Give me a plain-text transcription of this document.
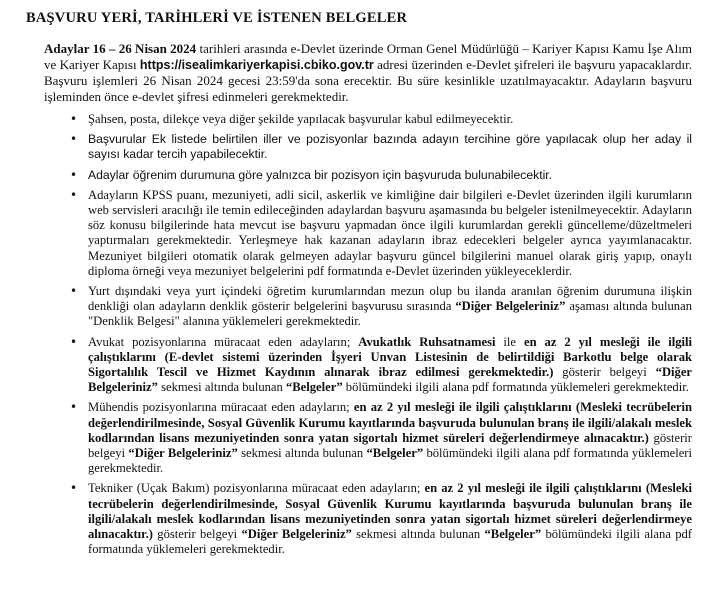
BAŞVURU YERİ, TARİHLERİ VE İSTENEN BELGELER

Adaylar 16 – 26 Nisan 2024 tarihleri arasında e-Devlet üzerinde Orman Genel Müdürlüğü – Kariyer Kapısı Kamu İşe Alım ve Kariyer Kapısı https://isealimkariyerkapisi.cbiko.gov.tr adresi üzerinden e-Devlet şifreleri ile başvuru yapacaklardır. Başvuru işlemleri 26 Nisan 2024 gecesi 23:59'da sona erecektir. Bu süre kesinlikle uzatılmayacaktır. Adayların başvuru işleminden önce e-devlet şifresi edinmeleri gerekmektedir.

• Şahsen, posta, dilekçe veya diğer şekilde yapılacak başvurular kabul edilmeyecektir.
• Başvurular Ek listede belirtilen iller ve pozisyonlar bazında adayın tercihine göre yapılacak olup her aday il sayısı kadar tercih yapabilecektir.
• Adaylar öğrenim durumuna göre yalnızca bir pozisyon için başvuruda bulunabilecektir.
• Adayların KPSS puanı, mezuniyeti, adli sicil, askerlik ve kimliğine dair bilgileri e-Devlet üzerinden ilgili kurumların web servisleri aracılığı ile temin edileceğinden adaylardan başvuru aşamasında bu belgeler istenilmeyecektir. Adayların söz konusu bilgilerinde hata mevcut ise başvuru yapmadan önce ilgili kurumlardan gerekli güncelleme/düzeltmeleri yaptırmaları gerekmektedir. Yerleşmeye hak kazanan adayların ibraz edecekleri belgeler ayrıca yayımlanacaktır. Mezuniyet bilgileri otomatik olarak gelmeyen adaylar başvuru güncel bilgilerini manuel olarak giriş yapıp, onaylı diploma örneği veya mezuniyet belgelerini pdf formatında e-Devlet üzerinden yükleyeceklerdir.
• Yurt dışındaki veya yurt içindeki öğretim kurumlarından mezun olup bu ilanda aranılan öğrenim durumuna ilişkin denkliği olan adayların denklik gösterir belgelerini başvurusu sırasında “Diğer Belgeleriniz” aşaması altında bulunan "Denklik Belgesi" alanına yüklemeleri gerekmektedir.
• Avukat pozisyonlarına müracaat eden adayların; Avukatlık Ruhsatnamesi ile en az 2 yıl mesleği ile ilgili çalıştıklarını (E-devlet sistemi üzerinden İşyeri Unvan Listesinin de belirtildiği Barkotlu belge olarak Sigortalılık Tescil ve Hizmet Kaydının alınarak ibraz edilmesi gerekmektedir.) gösterir belgeyi “Diğer Belgeleriniz” sekmesi altında bulunan “Belgeler” bölümündeki ilgili alana pdf formatında yüklemeleri gerekmektedir.
• Mühendis pozisyonlarına müracaat eden adayların; en az 2 yıl mesleği ile ilgili çalıştıklarını (Mesleki tecrübelerin değerlendirilmesinde, Sosyal Güvenlik Kurumu kayıtlarında başvuruda bulunulan branş ile ilgili/alakalı meslek kodlarından lisans mezuniyetinden sonra yatan sigortalı hizmet süreleri değerlendirmeye alınacaktır.) gösterir belgeyi “Diğer Belgeleriniz” sekmesi altında bulunan “Belgeler” bölümündeki ilgili alana pdf formatında yüklemeleri gerekmektedir.
• Tekniker (Uçak Bakım) pozisyonlarına müracaat eden adayların; en az 2 yıl mesleği ile ilgili çalıştıklarını (Mesleki tecrübelerin değerlendirilmesinde, Sosyal Güvenlik Kurumu kayıtlarında başvuruda bulunulan branş ile ilgili/alakalı meslek kodlarından lisans mezuniyetinden sonra yatan sigortalı hizmet süreleri değerlendirmeye alınacaktır.) gösterir belgeyi “Diğer Belgeleriniz” sekmesi altında bulunan “Belgeler” bölümündeki ilgili alana pdf formatında yüklemeleri gerekmektedir.
